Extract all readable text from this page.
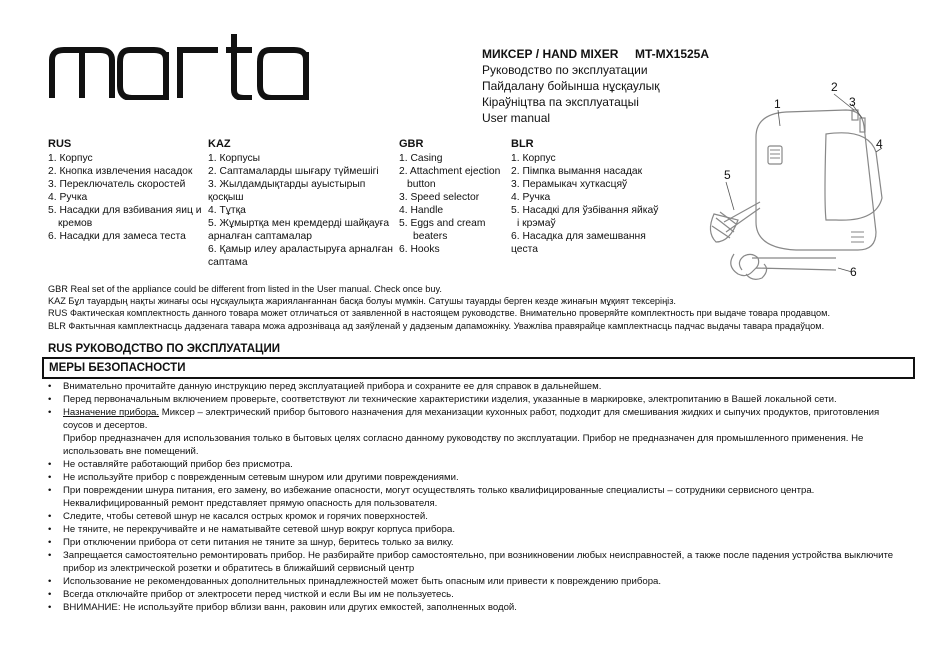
marta
МИКСЕР / HAND MIXER	MT-MX1525A
Руководство по эксплуатации
Пайдалану бойынша нұсқаулық
Кіраўніцтва па эксплуатацыі
User manual
RUS
1. Корпус
2. Кнопка извлечения насадок
3. Переключатель скоростей
4. Ручка
5. Насадки для взбивания яиц и
кремов
6. Насадки для замеса теста
KAZ
1. Корпусы
2. Саптамаларды шығару түймешігі
3. Жылдамдықтарды ауыстырып
қосқыш
4. Тұтқа
5. Жұмыртқа мен кремдерді шайқауға
арналған саптамалар
6. Қамыр илеу араластыруға арналған
саптама
GBR
1. Casing
2. Attachment ejection
button
3. Speed selector
4. Handle
5. Eggs and cream
beaters
6. Hooks
BLR
1. Корпус
2. Пімпка вымання насадак
3. Перамыкач хуткасцяў
4. Ручка
5. Насадкі для ўзбівання яйкаў
і крэмаў
6. Насадка для замешвання
цеста
1
2
3
4
5
6
GBR Real set of the appliance could be different from listed in the User manual. Check once buy.
KAZ Бұл тауардың нақты жинағы осы нұсқаулықта жарияланғаннан басқа болуы мүмкін. Сатушы тауарды берген кезде жинағын мұқият тексеріңіз.
RUS Фактическая комплектность данного товара может отличаться от заявленной в настоящем руководстве. Внимательно проверяйте комплектность при выдаче товара продавцом.
BLR Фактычная камплектнасць дадзенага тавара можа адрозніваца ад заяўленай у дадзеным дапаможніку. Уважліва правярайце камплектнасць падчас выдачы тавара прадаўцом.
RUS РУКОВОДСТВО ПО ЭКСПЛУАТАЦИИ
МЕРЫ БЕЗОПАСНОСТИ
• Внимательно прочитайте данную инструкцию перед эксплуатацией прибора и сохраните ее для справок в дальнейшем.
• Перед первоначальным включением проверьте, соответствуют ли технические характеристики изделия, указанные в маркировке, электропитанию в Вашей локальной сети.
• Назначение прибора. Миксер – электрический прибор бытового назначения для механизации кухонных работ, подходит для смешивания жидких и сыпучих продуктов, приготовления соусов и десертов.
Прибор предназначен для использования только в бытовых целях согласно данному руководству по эксплуатации. Прибор не предназначен для промышленного применения. Не использовать вне помещений.
• Не оставляйте работающий прибор без присмотра.
• Не используйте прибор с поврежденным сетевым шнуром или другими повреждениями.
• При повреждении шнура питания, его замену, во избежание опасности, могут осуществлять только квалифицированные специалисты – сотрудники сервисного центра. Неквалифицированный ремонт представляет прямую опасность для пользователя.
• Следите, чтобы сетевой шнур не касался острых кромок и горячих поверхностей.
• Не тяните, не перекручивайте и не наматывайте сетевой шнур вокруг корпуса прибора.
• При отключении прибора от сети питания не тяните за шнур, беритесь только за вилку.
• Запрещается самостоятельно ремонтировать прибор. Не разбирайте прибор самостоятельно, при возникновении любых неисправностей, а также после падения устройства выключите прибор из электрической розетки и обратитесь в ближайший сервисный центр
• Использование не рекомендованных дополнительных принадлежностей может быть опасным или привести к повреждению прибора.
• Всегда отключайте прибор от электросети перед чисткой и если Вы им не пользуетесь.
• ВНИМАНИЕ: Не используйте прибор вблизи ванн, раковин или других емкостей, заполненных водой.
